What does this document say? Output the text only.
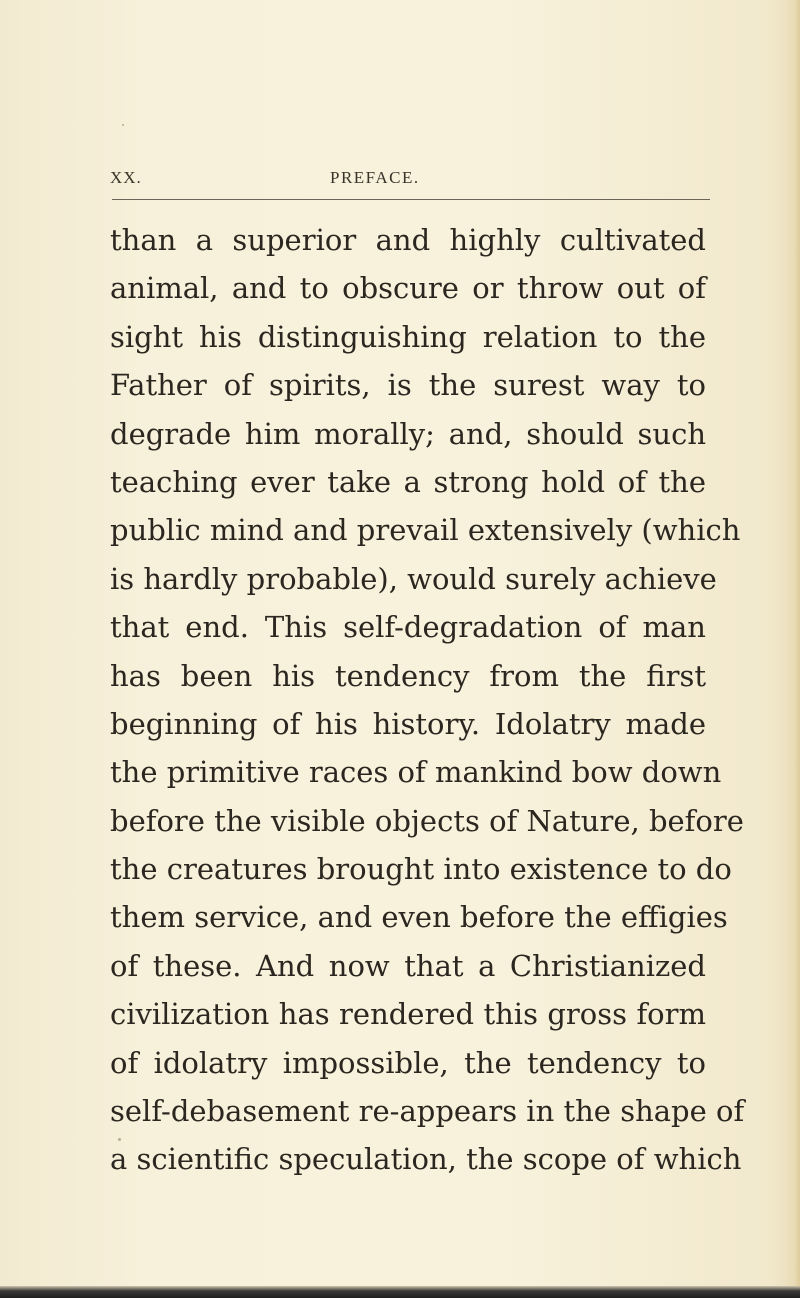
XX.	PREFACE.
than a superior and highly cultivated
animal, and to obscure or throw out of
sight his distinguishing relation to the
Father of spirits, is the surest way to
degrade him morally; and, should such
teaching ever take a strong hold of the
public mind and prevail extensively (which
is hardly probable), would surely achieve
that end. This self-degradation of man
has been his tendency from the first
beginning of his history. Idolatry made
the primitive races of mankind bow down
before the visible objects of Nature, before
the creatures brought into existence to do
them service, and even before the effigies
of these. And now that a Christianized
civilization has rendered this gross form
of idolatry impossible, the tendency to
self-debasement re-appears in the shape of
a scientific speculation, the scope of which
